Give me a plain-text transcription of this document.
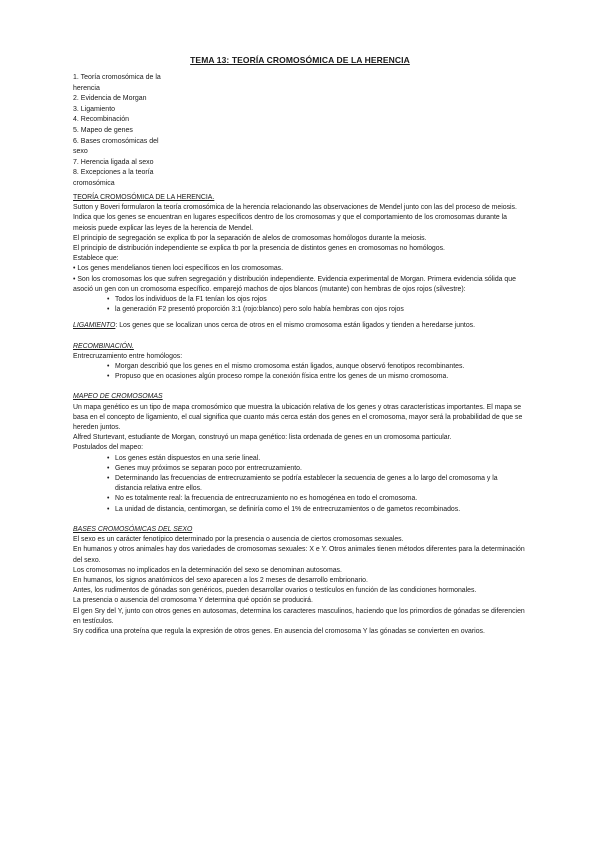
TEMA 13: TEORÍA CROMOSÓMICA DE LA HERENCIA
1. Teoría cromosómica de la herencia
2. Evidencia de Morgan
3. Ligamiento
4. Recombinación
5. Mapeo de genes
6. Bases cromosómicas del sexo
7. Herencia ligada al sexo
8. Excepciones a la teoría cromosómica
TEORÍA CROMOSÓMICA DE LA HERENCIA.
Sutton y Boveri formularon la teoría cromosómica de la herencia relacionando las observaciones de Mendel junto con las del proceso de meiosis.
Indica que los genes se encuentran en lugares específicos dentro de los cromosomas y que el comportamiento de los cromosomas durante la meiosis puede explicar las leyes de la herencia de Mendel.
El principio de segregación se explica tb por la separación de alelos de cromosomas homólogos durante la meiosis.
El principio de distribución independiente se explica tb por la presencia de distintos genes en cromosomas no homólogos.
Establece que:
• Los genes mendelianos tienen loci específicos en los cromosomas.
• Son los cromosomas los que sufren segregación y distribución independiente. Evidencia experimental de Morgan. Primera evidencia sólida que asoció un gen con un cromosoma específico. emparejó machos de ojos blancos (mutante) con hembras de ojos rojos (silvestre):
• Todos los individuos de la F1 tenían los ojos rojos
• la generación F2 presentó proporción 3:1 (rojo:blanco) pero solo había hembras con ojos rojos
LIGAMIENTO: Los genes que se localizan unos cerca de otros en el mismo cromosoma están ligados y tienden a heredarse juntos.
RECOMBINACIÓN.
Entrecruzamiento entre homólogos:
• Morgan describió que los genes en el mismo cromosoma están ligados, aunque observó fenotipos recombinantes.
• Propuso que en ocasiones algún proceso rompe la conexión física entre los genes de un mismo cromosoma.
MAPEO DE CROMOSOMAS
Un mapa genético es un tipo de mapa cromosómico que muestra la ubicación relativa de los genes y otras características importantes. El mapa se basa en el concepto de ligamiento, el cual significa que cuanto más cerca están dos genes en el cromosoma, mayor será la probabilidad de que se hereden juntos.
Alfred Sturtevant, estudiante de Morgan, construyó un mapa genético: lista ordenada de genes en un cromosoma particular.
Postulados del mapeo:
• Los genes están dispuestos en una serie lineal.
• Genes muy próximos se separan poco por entrecruzamiento.
• Determinando las frecuencias de entrecruzamiento se podría establecer la secuencia de genes a lo largo del cromosoma y la distancia relativa entre ellos.
• No es totalmente real: la frecuencia de entrecruzamiento no es homogénea en todo el cromosoma.
• La unidad de distancia, centimorgan, se definiría como el 1% de entrecruzamientos o de gametos recombinados.
BASES CROMOSÓMICAS DEL SEXO
El sexo es un carácter fenotípico determinado por la presencia o ausencia de ciertos cromosomas sexuales.
En humanos y otros animales hay dos variedades de cromosomas sexuales: X e Y. Otros animales tienen métodos diferentes para la determinación del sexo.
Los cromosomas no implicados en la determinación del sexo se denominan autosomas.
En humanos, los signos anatómicos del sexo aparecen a los 2 meses de desarrollo embrionario.
Antes, los rudimentos de gónadas son genéricos, pueden desarrollar ovarios o testículos en función de las condiciones hormonales.
La presencia o ausencia del cromosoma Y determina qué opción se producirá.
El gen Sry del Y, junto con otros genes en autosomas, determina los caracteres masculinos, haciendo que los primordios de gónadas se diferencien en testículos.
Sry codifica una proteína que regula la expresión de otros genes. En ausencia del cromosoma Y las gónadas se convierten en ovarios.
